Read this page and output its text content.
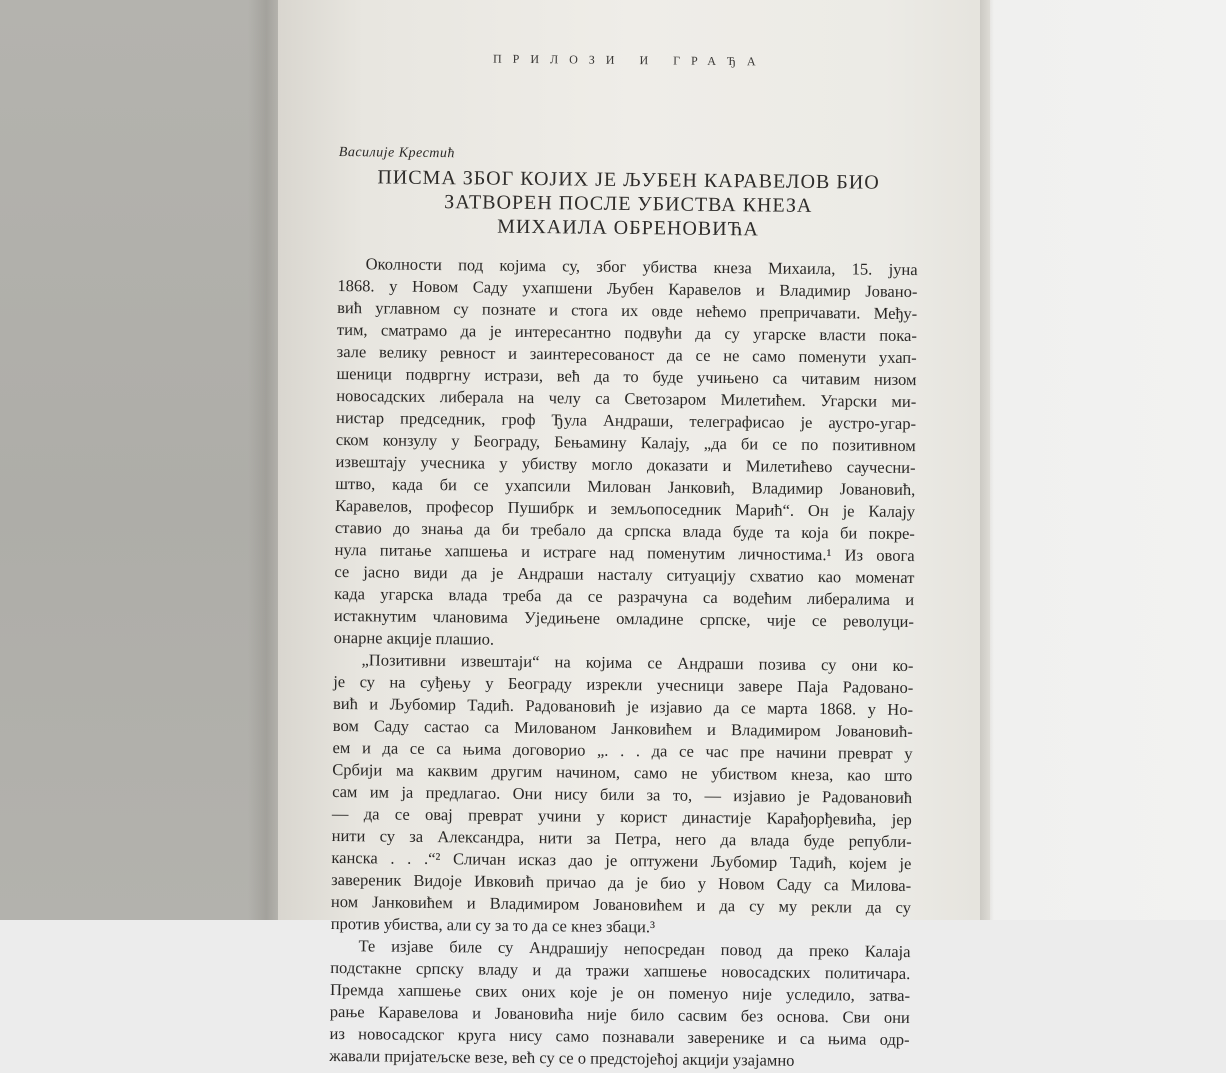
ПРИЛОЗИ И ГРАЂА
Василије Крестић
ПИСМА ЗБОГ КОЈИХ ЈЕ ЉУБЕН КАРАВЕЛОВ БИО
ЗАТВОРЕН ПОСЛЕ УБИСТВА КНЕЗА
МИХАИЛА ОБРЕНОВИЋА
Околности под којима су, због убиства кнеза Михаила, 15. јуна
1868. у Новом Саду ухапшени Љубен Каравелов и Владимир Јовано-
вић углавном су познате и стога их овде нећемо препричавати. Међу-
тим, сматрамо да је интересантно подвући да су угарске власти пока-
зале велику ревност и заинтересованост да се не само поменути ухап-
шеници подвргну истрази, већ да то буде учињено са читавим низом
новосадских либерала на челу са Светозаром Милетићем. Угарски ми-
нистар председник, гроф Ђула Андраши, телеграфисао је аустро-угар-
ском конзулу у Београду, Бењамину Калају, „да би се по позитивном
извештају учесника у убиству могло доказати и Милетићево саучесни-
штво, када би се ухапсили Милован Јанковић, Владимир Јовановић,
Каравелов, професор Пушибрк и земљопоседник Марић“. Он је Калају
ставио до знања да би требало да српска влада буде та која би покре-
нула питање хапшења и истраге над поменутим личностима.¹ Из овога
се јасно види да је Андраши насталу ситуацију схватио као моменат
када угарска влада треба да се разрачуна са водећим либералима и
истакнутим члановима Уједињене омладине српске, чије се револуци-
онарне акције плашио.
„Позитивни извештаји“ на којима се Андраши позива су они ко-
је су на суђењу у Београду изрекли учесници завере Паја Радовано-
вић и Љубомир Тадић. Радовановић је изјавио да се марта 1868. у Но-
вом Саду састао са Милованом Јанковићем и Владимиром Јовановић-
ем и да се са њима договорио „. . . да се час пре начини преврат у
Србији ма каквим другим начином, само не убиством кнеза, као што
сам им ја предлагао. Они нису били за то, — изјавио је Радовановић
— да се овај преврат учини у корист династије Карађорђевића, јер
нити су за Александра, нити за Петра, него да влада буде републи-
канска . . .“² Сличан исказ дао је оптужени Љубомир Тадић, којем је
завереник Видоје Ивковић причао да је био у Новом Саду са Милова-
ном Јанковићем и Владимиром Јовановићем и да су му рекли да су
против убиства, али су за то да се кнез збаци.³
Те изјаве биле су Андрашију непосредан повод да преко Калаја
подстакне српску владу и да тражи хапшење новосадских политичара.
Премда хапшење свих оних које је он поменуо није уследило, затва-
рање Каравелова и Јовановића није било сасвим без основа. Сви они
из новосадског круга нису само познавали заверенике и са њима одр-
жавали пријатељске везе, већ су се о предстојећој акцији узајамно
